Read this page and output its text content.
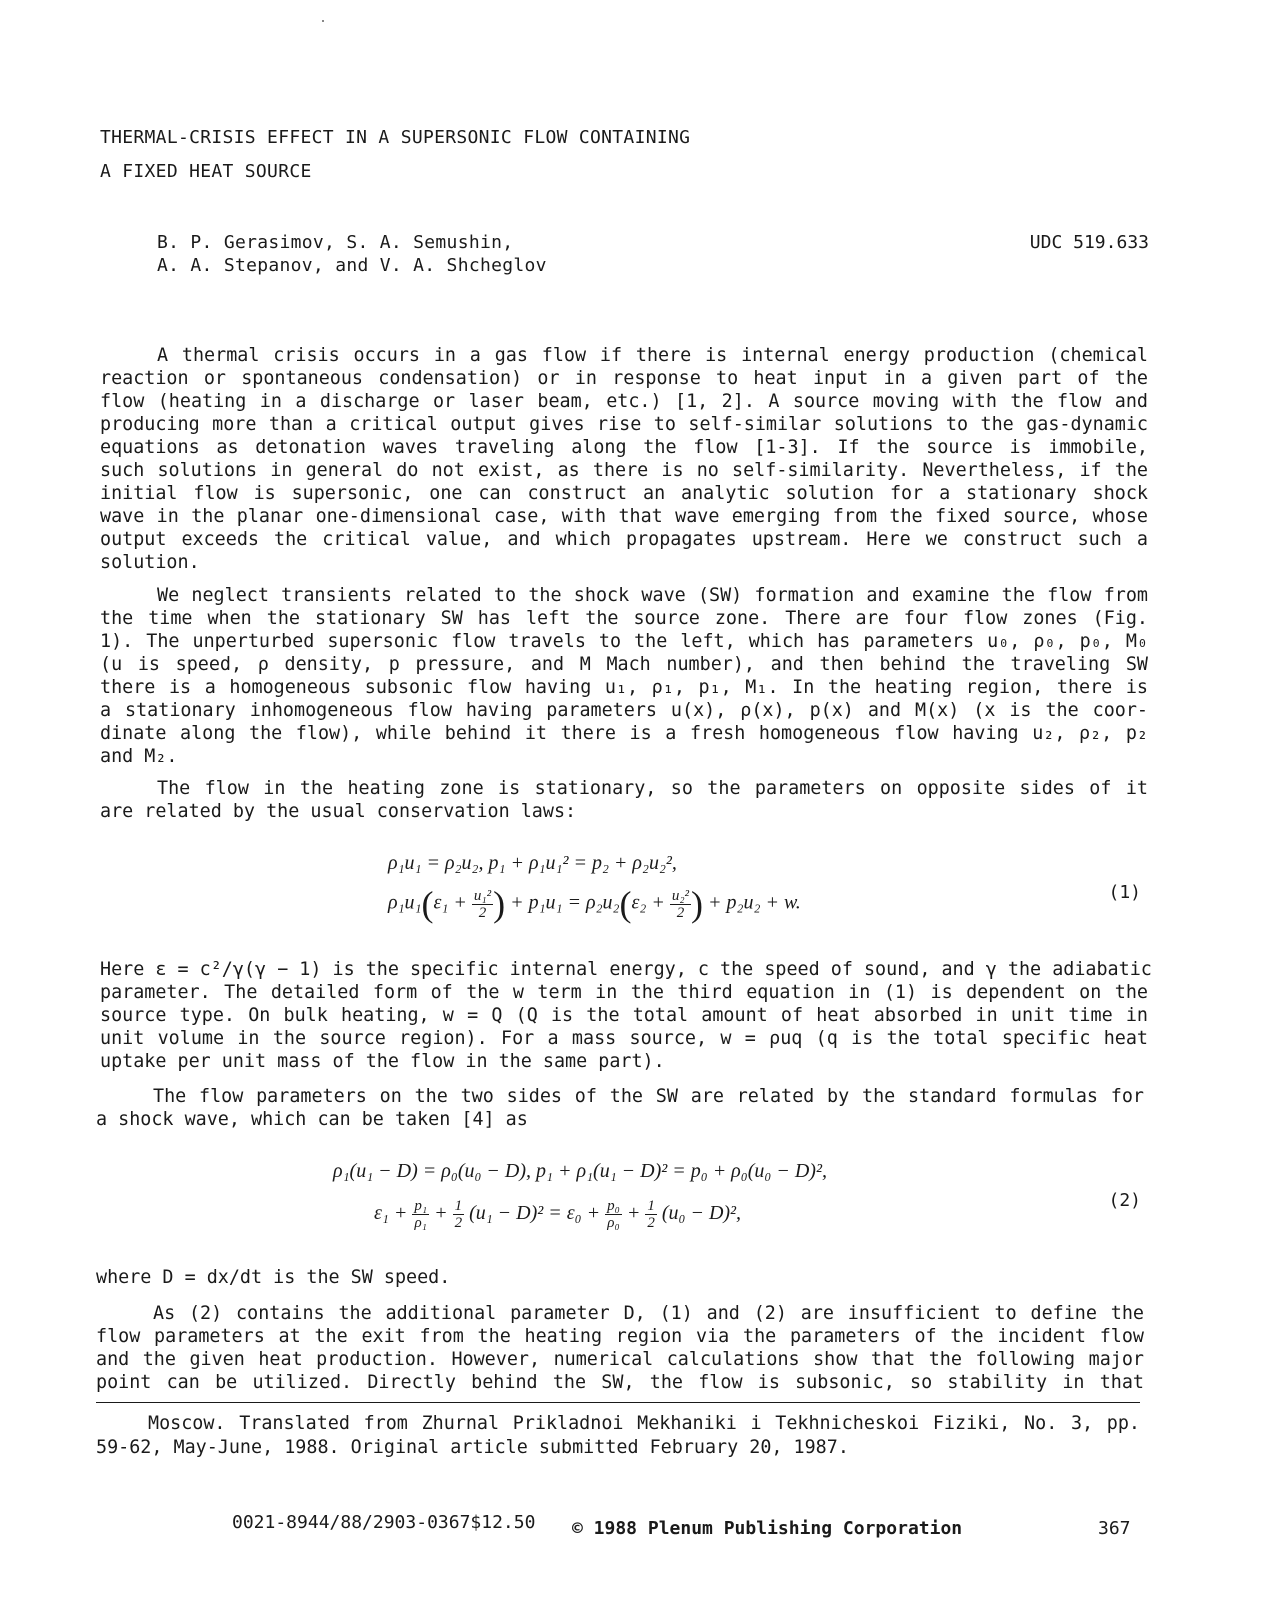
THERMAL-CRISIS EFFECT IN A SUPERSONIC FLOW CONTAINING
A FIXED HEAT SOURCE
B. P. Gerasimov, S. A. Semushin,
A. A. Stepanov, and V. A. Shcheglov
UDC 519.633

A thermal crisis occurs in a gas flow if there is internal energy production (chemical
reaction or spontaneous condensation) or in response to heat input in a given part of the
flow (heating in a discharge or laser beam, etc.) [1, 2]. A source moving with the flow and
producing more than a critical output gives rise to self-similar solutions to the gas-dynamic
equations as detonation waves traveling along the flow [1-3]. If the source is immobile,
such solutions in general do not exist, as there is no self-similarity. Nevertheless, if the
initial flow is supersonic, one can construct an analytic solution for a stationary shock
wave in the planar one-dimensional case, with that wave emerging from the fixed source, whose
output exceeds the critical value, and which propagates upstream. Here we construct such a
solution.

We neglect transients related to the shock wave (SW) formation and examine the flow from
the time when the stationary SW has left the source zone. There are four flow zones (Fig.
1). The unperturbed supersonic flow travels to the left, which has parameters u₀, ρ₀, p₀, M₀
(u is speed, ρ density, p pressure, and M Mach number), and then behind the traveling SW
there is a homogeneous subsonic flow having u₁, ρ₁, p₁, M₁. In the heating region, there is
a stationary inhomogeneous flow having parameters u(x), ρ(x), p(x) and M(x) (x is the coor-
dinate along the flow), while behind it there is a fresh homogeneous flow having u₂, ρ₂, p₂
and M₂.

The flow in the heating zone is stationary, so the parameters on opposite sides of it
are related by the usual conservation laws:

ρ₁u₁ = ρ₂u₂, p₁ + ρ₁u₁² = p₂ + ρ₂u₂²,
$\rho_1u_1(\varepsilon_1 + \frac{\text{u₁²}}{2}$ ) + $p_1u_1 = \rho_2u_2(\varepsilon_2 + \frac{\text{u₂²}}{2}$ ) + p₂u₂ + w.	(1)

Here ε = c²/γ(γ − 1) is the specific internal energy, c the speed of sound, and γ the adiabatic
parameter. The detailed form of the w term in the third equation in (1) is dependent on the
source type. On bulk heating, w = Q (Q is the total amount of heat absorbed in unit time in
unit volume in the source region). For a mass source, w = ρuq (q is the total specific heat
uptake per unit mass of the flow in the same part).

The flow parameters on the two sides of the SW are related by the standard formulas for
a shock wave, which can be taken [4] as

ρ₁(u₁ − D) = ρ₀(u₀ − D), p₁ + ρ₁(u₁ − D)² = p₀ + ρ₀(u₀ − D)²,
$\varepsilon_1 + \frac{\text{p₁}}{\text{ρ₁}} + \frac{1}{2} (u_1 - D)^2 = \varepsilon_0 + \frac{\text{p₀}}{\text{ρ₀}} + \frac{1}{2} (u_0 - D)^2$,
(2)

where D = dx/dt is the SW speed.

As (2) contains the additional parameter D, (1) and (2) are insufficient to define the
flow parameters at the exit from the heating region via the parameters of the incident flow
and the given heat production. However, numerical calculations show that the following major
point can be utilized. Directly behind the SW, the flow is subsonic, so stability in that

Moscow. Translated from Zhurnal Prikladnoi Mekhaniki i Tekhnicheskoi Fiziki, No. 3, pp.
59-62, May-June, 1988. Original article submitted February 20, 1987.

0021-8944/88/2903-0367$12.50 © 1988 Plenum Publishing Corporation	367
